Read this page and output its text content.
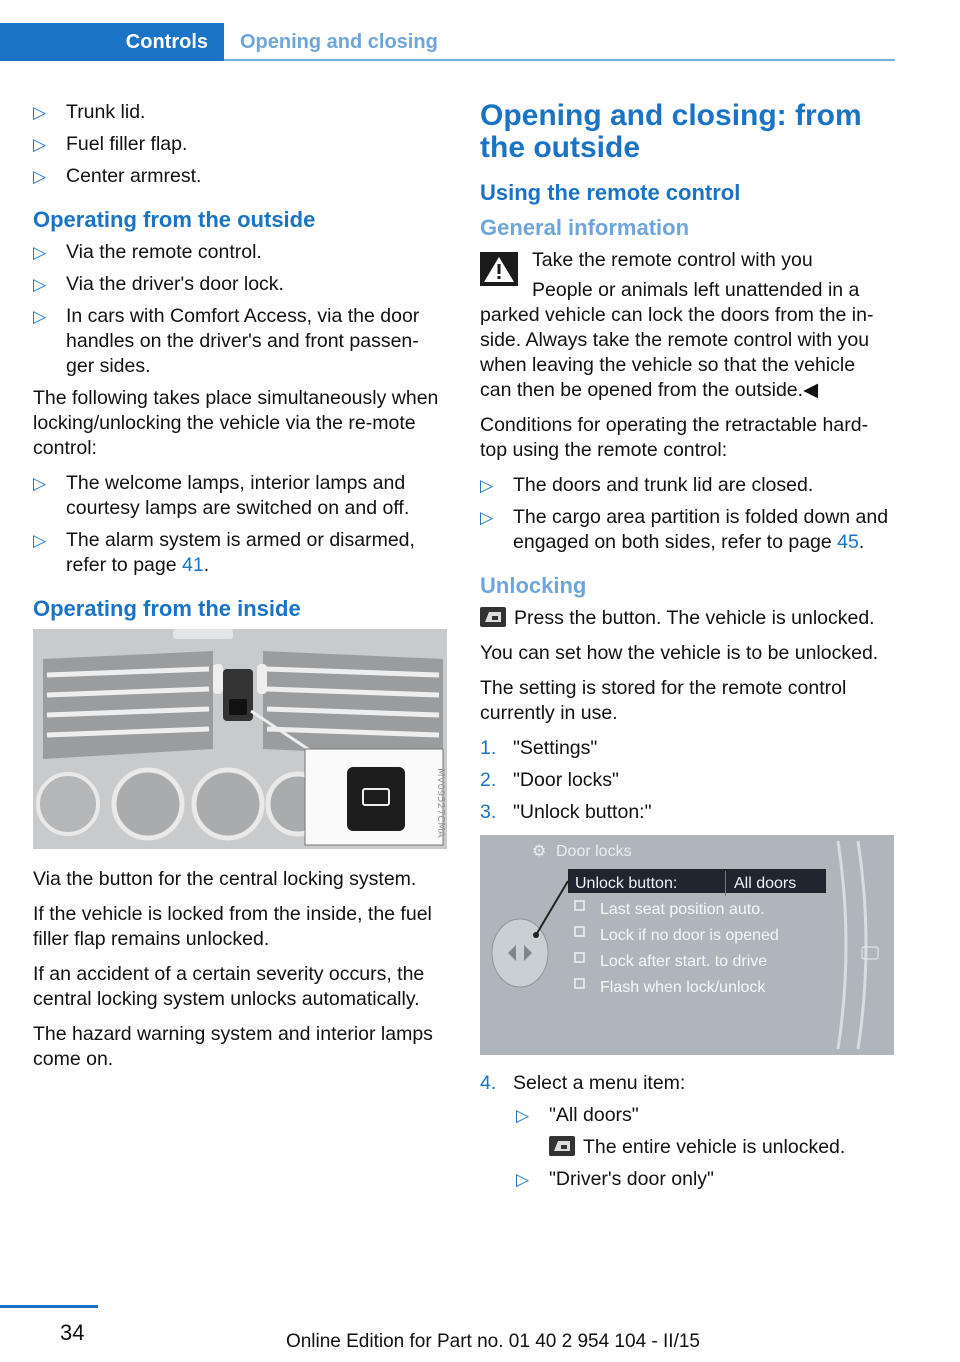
Controls	Opening and closing
▷ Trunk lid.
▷ Fuel filler flap.
▷ Center armrest.
Operating from the outside
▷ Via the remote control.
▷ Via the driver's door lock.
▷ In cars with Comfort Access, via the door handles on the driver's and front passen-ger sides.

The following takes place simultaneously when locking/unlocking the vehicle via the re-mote control:

▷ The welcome lamps, interior lamps and courtesy lamps are switched on and off.
▷ The alarm system is armed or disarmed, refer to page 41.
Operating from the inside
MV09527CMA

Via the button for the central locking system.

If the vehicle is locked from the inside, the fuel filler flap remains unlocked.

If an accident of a certain severity occurs, the central locking system unlocks automatically.

The hazard warning system and interior lamps come on.

Opening and closing: from the outside
Using the remote control
General information
Take the remote control with you

People or animals left unattended in a parked vehicle can lock the doors from the in-side. Always take the remote control with you when leaving the vehicle so that the vehicle can then be opened from the outside.◀

Conditions for operating the retractable hard-top using the remote control:

▷ The doors and trunk lid are closed.
▷ The cargo area partition is folded down and engaged on both sides, refer to page 45.
Unlocking

Press the button. The vehicle is unlocked.

You can set how the vehicle is to be unlocked.

The setting is stored for the remote control currently in use.

1. "Settings"
2. "Door locks"
3. "Unlock button:"
⚙ Door locks
Unlock button:	All doors
Last seat position auto.
Lock if no door is opened
Lock after start. to drive
Flash when lock/unlock
4. Select a menu item:
▷ "All doors"
The entire vehicle is unlocked.
▷ "Driver's door only"
34	Online Edition for Part no. 01 40 2 954 104 - II/15
